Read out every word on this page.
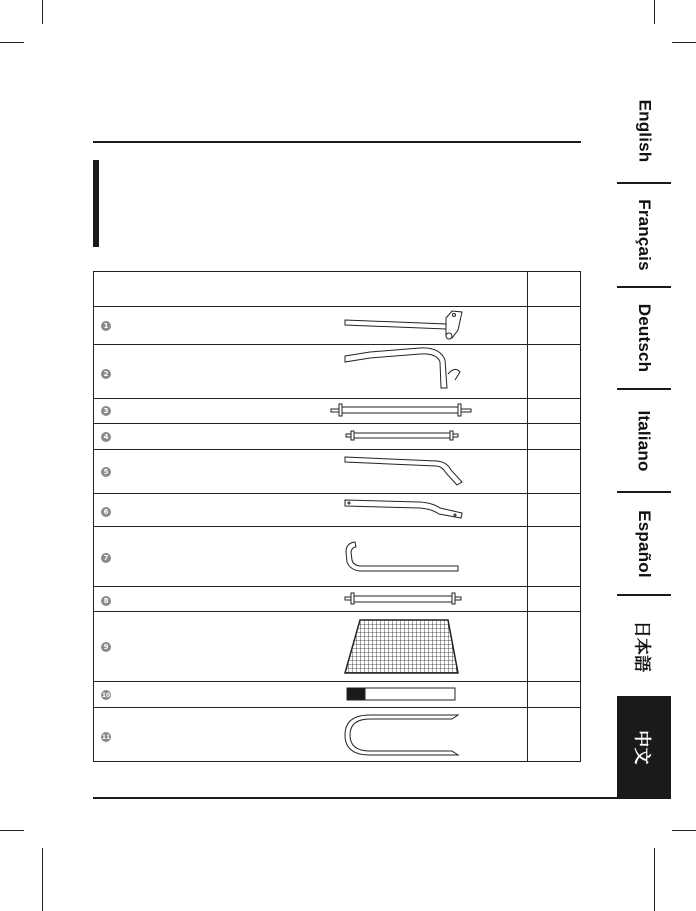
English
Français
Deutsch
Italiano
Español
日本語
中文
1
2
3
4
5
6
7
8
9
10
11
